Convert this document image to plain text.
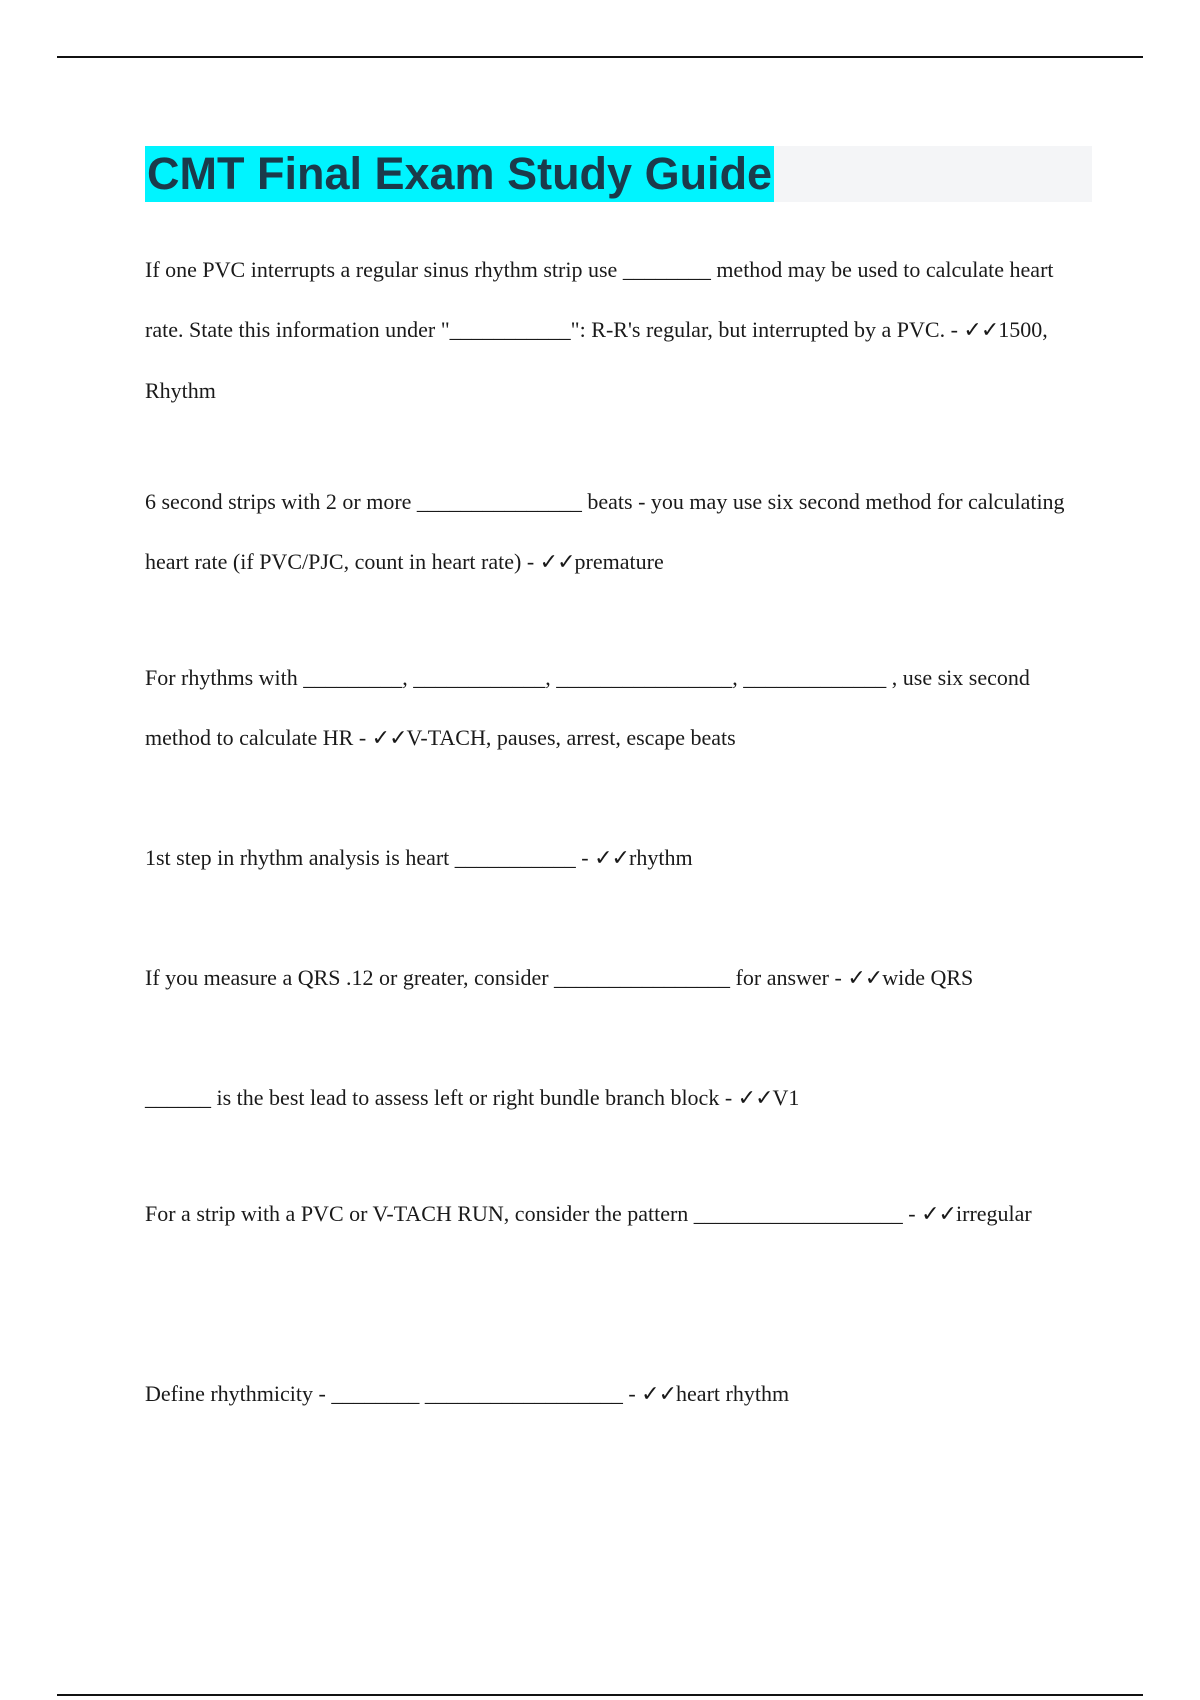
CMT Final Exam Study Guide
If one PVC interrupts a regular sinus rhythm strip use ________ method may be used to calculate heart rate. State this information under "___________": R-R's regular, but interrupted by a PVC. - ✓✓1500, Rhythm
6 second strips with 2 or more _______________ beats - you may use six second method for calculating heart rate (if PVC/PJC, count in heart rate) - ✓✓premature
For rhythms with _________, ____________, ________________, _____________ , use six second method to calculate HR - ✓✓V-TACH, pauses, arrest, escape beats
1st step in rhythm analysis is heart ___________ - ✓✓rhythm
If you measure a QRS .12 or greater, consider ________________ for answer - ✓✓wide QRS
______ is the best lead to assess left or right bundle branch block - ✓✓V1
For a strip with a PVC or V-TACH RUN, consider the pattern ___________________ - ✓✓irregular
Define rhythmicity - ________ __________________ - ✓✓heart rhythm
